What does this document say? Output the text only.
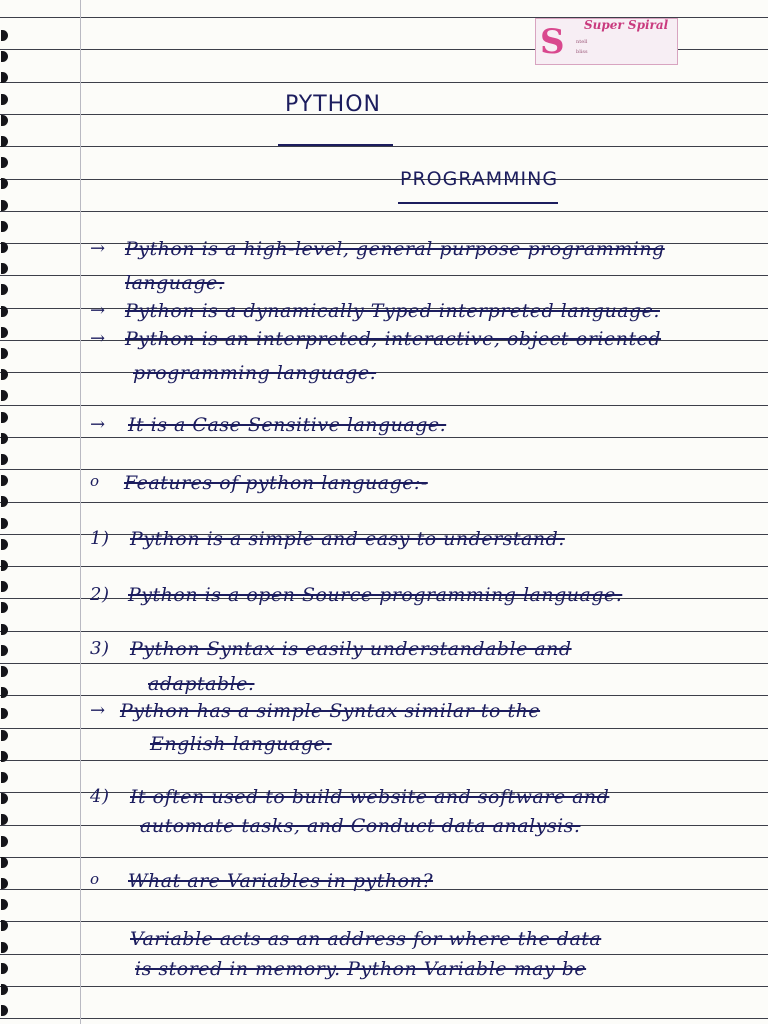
S Super Spiral
ntell
bliss
PYTHON
PROGRAMMING
→ Python is a high-level, general purpose programming
language.
→ Python is a dynamically Typed interpreted language.
→ Python is an interpreted, interactive, object-oriented
programming language.
→ It is a Case Sensitive language.
o Features of python language:-
1) Python is a simple and easy to understand.
2) Python is a open Source programming language.
3) Python Syntax is easily understandable and
adaptable.
→ Python has a simple Syntax similar to the
English language.
4) It often used to build website and software and
automate tasks, and Conduct data analysis.
o What are Variables in python?
Variable acts as an address for where the data
is stored in memory. Python Variable may be
